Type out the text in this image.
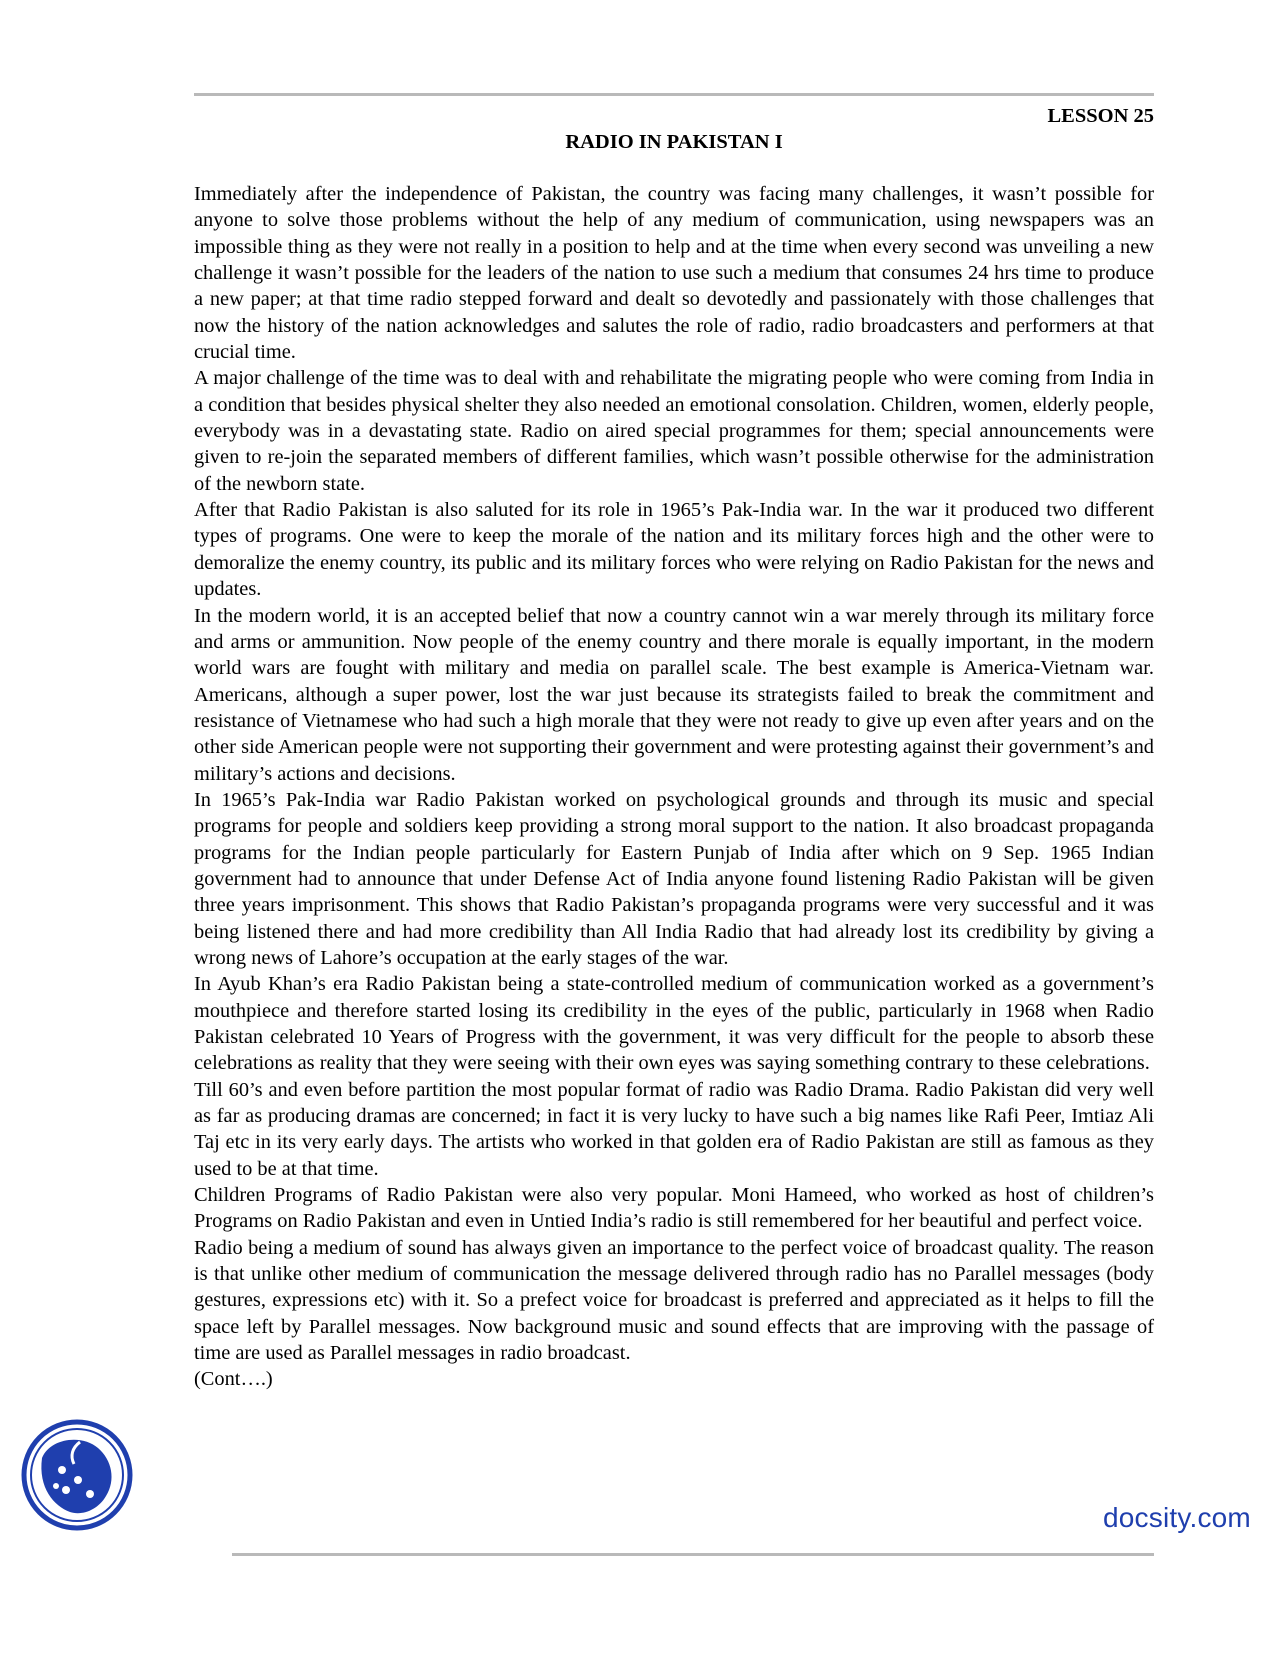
LESSON 25

RADIO IN PAKISTAN I

Immediately after the independence of Pakistan, the country was facing many challenges, it wasn’t possible for anyone to solve those problems without the help of any medium of communication, using newspapers was an impossible thing as they were not really in a position to help and at the time when every second was unveiling a new challenge it wasn’t possible for the leaders of the nation to use such a medium that consumes 24 hrs time to produce a new paper; at that time radio stepped forward and dealt so devotedly and passionately with those challenges that now the history of the nation acknowledges and salutes the role of radio, radio broadcasters and performers at that crucial time.

A major challenge of the time was to deal with and rehabilitate the migrating people who were coming from India in a condition that besides physical shelter they also needed an emotional consolation. Children, women, elderly people, everybody was in a devastating state. Radio on aired special programmes for them; special announcements were given to re-join the separated members of different families, which wasn’t possible otherwise for the administration of the newborn state.

After that Radio Pakistan is also saluted for its role in 1965’s Pak-India war. In the war it produced two different types of programs. One were to keep the morale of the nation and its military forces high and the other were to demoralize the enemy country, its public and its military forces who were relying on Radio Pakistan for the news and updates.

In the modern world, it is an accepted belief that now a country cannot win a war merely through its military force and arms or ammunition. Now people of the enemy country and there morale is equally important, in the modern world wars are fought with military and media on parallel scale. The best example is America-Vietnam war. Americans, although a super power, lost the war just because its strategists failed to break the commitment and resistance of Vietnamese who had such a high morale that they were not ready to give up even after years and on the other side American people were not supporting their government and were protesting against their government’s and military’s actions and decisions.

In 1965’s Pak-India war Radio Pakistan worked on psychological grounds and through its music and special programs for people and soldiers keep providing a strong moral support to the nation. It also broadcast propaganda programs for the Indian people particularly for Eastern Punjab of India after which on 9 Sep. 1965 Indian government had to announce that under Defense Act of India anyone found listening Radio Pakistan will be given three years imprisonment. This shows that Radio Pakistan’s propaganda programs were very successful and it was being listened there and had more credibility than All India Radio that had already lost its credibility by giving a wrong news of Lahore’s occupation at the early stages of the war.

In Ayub Khan’s era Radio Pakistan being a state-controlled medium of communication worked as a government’s mouthpiece and therefore started losing its credibility in the eyes of the public, particularly in 1968 when Radio Pakistan celebrated 10 Years of Progress with the government, it was very difficult for the people to absorb these celebrations as reality that they were seeing with their own eyes was saying something contrary to these celebrations.

Till 60’s and even before partition the most popular format of radio was Radio Drama. Radio Pakistan did very well as far as producing dramas are concerned; in fact it is very lucky to have such a big names like Rafi Peer, Imtiaz Ali Taj etc in its very early days. The artists who worked in that golden era of Radio Pakistan are still as famous as they used to be at that time.

Children Programs of Radio Pakistan were also very popular. Moni Hameed, who worked as host of children’s Programs on Radio Pakistan and even in Untied India’s radio is still remembered for her beautiful and perfect voice.

Radio being a medium of sound has always given an importance to the perfect voice of broadcast quality. The reason is that unlike other medium of communication the message delivered through radio has no Parallel messages (body gestures, expressions etc) with it. So a prefect voice for broadcast is preferred and appreciated as it helps to fill the space left by Parallel messages. Now background music and sound effects that are improving with the passage of time are used as Parallel messages in radio broadcast.

(Cont….)

docsity.com
